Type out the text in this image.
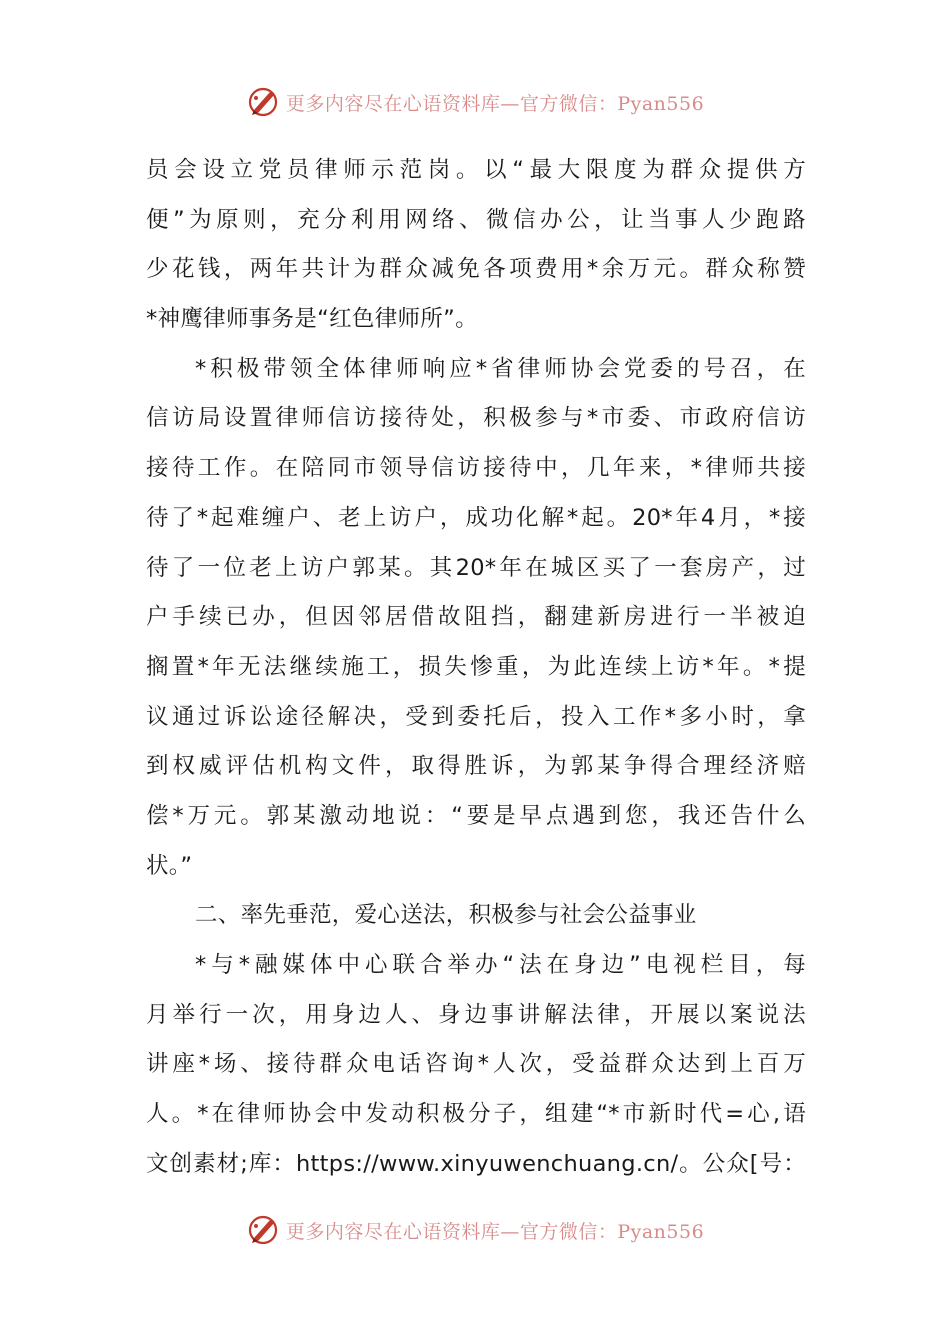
更多内容尽在心语资料库—官方微信：Pyan556
员会设立党员律师示范岗。以“最大限度为群众提供方
便”为原则，充分利用网络、微信办公，让当事人少跑路
少花钱，两年共计为群众减免各项费用*余万元。群众称赞
*神鹰律师事务是“红色律师所”。
*积极带领全体律师响应*省律师协会党委的号召，在
信访局设置律师信访接待处，积极参与*市委、市政府信访
接待工作。在陪同市领导信访接待中，几年来，*律师共接
待了*起难缠户、老上访户，成功化解*起。20*年4月，*接
待了一位老上访户郭某。其20*年在城区买了一套房产，过
户手续已办，但因邻居借故阻挡，翻建新房进行一半被迫
搁置*年无法继续施工，损失惨重，为此连续上访*年。*提
议通过诉讼途径解决，受到委托后，投入工作*多小时，拿
到权威评估机构文件，取得胜诉，为郭某争得合理经济赔
偿*万元。郭某激动地说：“要是早点遇到您，我还告什么
状。”
二、率先垂范，爱心送法，积极参与社会公益事业
*与*融媒体中心联合举办“法在身边”电视栏目，每
月举行一次，用身边人、身边事讲解法律，开展以案说法
讲座*场、接待群众电话咨询*人次，受益群众达到上百万
人。*在律师协会中发动积极分子，组建“*市新时代=心,语
文创素材;库：https://www.xinyuwenchuang.cn/。公众[号：
更多内容尽在心语资料库—官方微信：Pyan556
